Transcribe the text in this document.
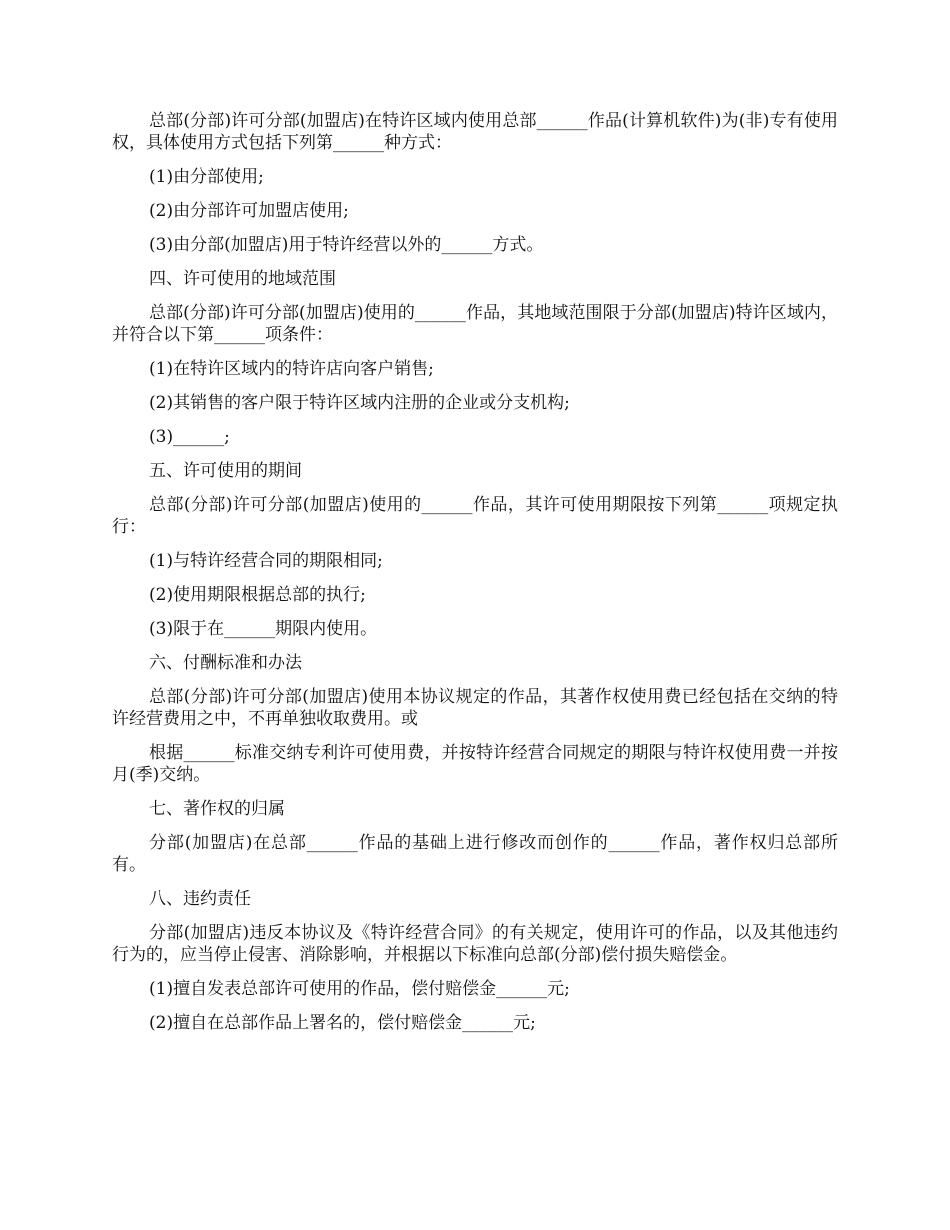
总部(分部)许可分部(加盟店)在特许区域内使用总部______作品(计算机软件)为(非)专有使用权，具体使用方式包括下列第______种方式：

(1)由分部使用;

(2)由分部许可加盟店使用;

(3)由分部(加盟店)用于特许经营以外的______方式。

四、许可使用的地域范围

总部(分部)许可分部(加盟店)使用的______作品，其地域范围限于分部(加盟店)特许区域内，并符合以下第______项条件：

(1)在特许区域内的特许店向客户销售;

(2)其销售的客户限于特许区域内注册的企业或分支机构;

(3)______;

五、许可使用的期间

总部(分部)许可分部(加盟店)使用的______作品，其许可使用期限按下列第______项规定执行：

(1)与特许经营合同的期限相同;

(2)使用期限根据总部的执行;

(3)限于在______期限内使用。

六、付酬标准和办法

总部(分部)许可分部(加盟店)使用本协议规定的作品，其著作权使用费已经包括在交纳的特许经营费用之中，不再单独收取费用。或

根据______标准交纳专利许可使用费，并按特许经营合同规定的期限与特许权使用费一并按月(季)交纳。

七、著作权的归属

分部(加盟店)在总部______作品的基础上进行修改而创作的______作品，著作权归总部所有。

八、违约责任

分部(加盟店)违反本协议及《特许经营合同》的有关规定，使用许可的作品，以及其他违约行为的，应当停止侵害、消除影响，并根据以下标准向总部(分部)偿付损失赔偿金。

(1)擅自发表总部许可使用的作品，偿付赔偿金______元;

(2)擅自在总部作品上署名的，偿付赔偿金______元;
